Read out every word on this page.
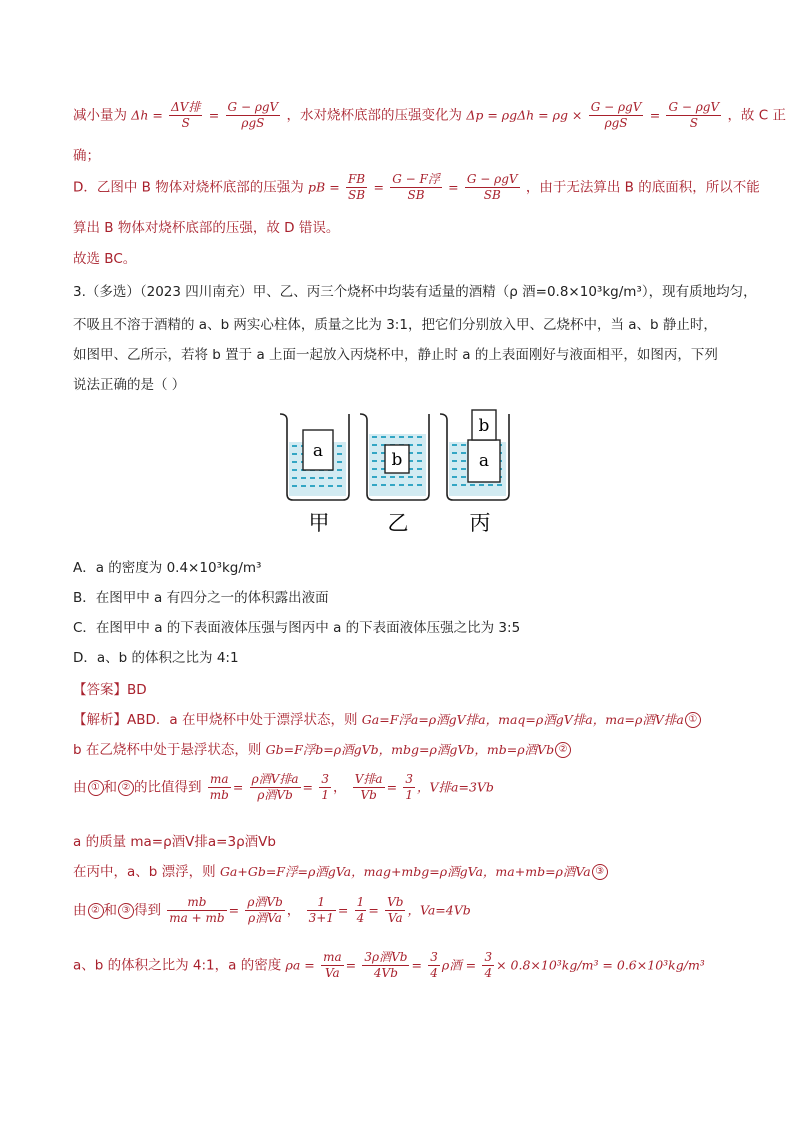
减小量为 $\Delta h = \frac{\text{ΔV排}}{S} = \frac{\text{G − ρgV}}{\text{ρgS}}$ ，水对烧杯底部的压强变化为 $\Delta p = \rho g\Delta h = \rho g \times \frac{\text{G − ρgV}}{\text{ρgS}} = \frac{\text{G − ρgV}}{S}$ ，故 C 正
确；
D．乙图中 B 物体对烧杯底部的压强为 pB = $\frac{FB}{SB} = \frac{\text{G − F浮}}{SB} = \frac{\text{G − ρgV}}{SB}$ ，由于无法算出 B 的底面积，所以不能
算出 B 物体对烧杯底部的压强，故 D 错误。
故选 BC。
3.（多选）（2023 四川南充）甲、乙、丙三个烧杯中均装有适量的酒精（ρ 酒=0.8×10³kg/m³），现有质地均匀，
不吸且不溶于酒精的 a、b 两实心柱体，质量之比为 3:1，把它们分别放入甲、乙烧杯中，当 a、b 静止时，
如图甲、乙所示，若将 b 置于 a 上面一起放入丙烧杯中，静止时 a 的上表面刚好与液面相平，如图丙，下列
说法正确的是（ ）
a	b	a
b
甲	乙	丙
A．a 的密度为 0.4×10³kg/m³
B．在图甲中 a 有四分之一的体积露出液面
C．在图甲中 a 的下表面液体压强与图丙中 a 的下表面液体压强之比为 3:5
D．a、b 的体积之比为 4:1
【答案】BD
【解析】ABD．a 在甲烧杯中处于漂浮状态，则 Ga=F浮a=ρ酒gV排a，maq=ρ酒gV排a，ma=ρ酒V排a ①
b 在乙烧杯中处于悬浮状态，则 Gb=F浮b=ρ酒gVb，mbg=ρ酒gVb，mb=ρ酒Vb ②
由 ① 和 ② 的比值得到 $\frac{ma}{mb} = \frac{\text{ρ酒V排a}}{\text{ρ酒Vb}} = \frac{3}{1}$ ， $\frac{\text{V排a}}{Vb} = \frac{3}{1}$ ，V排a=3Vb
a 的质量 ma=ρ酒V排a=3ρ酒Vb
在丙中，a、b 漂浮，则 Ga+Gb=F浮=ρ酒gVa，mag+mbg=ρ酒gVa，ma+mb=ρ酒Va ③
由 ② 和 ③ 得到 $\frac{mb}{ma + mb} = \frac{\text{ρ酒Vb}}{\text{ρ酒Va}}$ ， $\frac{1}{3+1} = \frac{1}{4} = \frac{Vb}{Va}$ ，Va=4Vb
a、b 的体积之比为 4:1，a 的密度 $\rho a = \frac{ma}{Va} = \frac{\text{3ρ酒Vb}}{4Vb} = \frac{3}{4}$ ρ酒 = $\frac{3}{4} \times 0.8\times 10^3kg/m^3 = 0.6\times 10^3kg/m^3$
